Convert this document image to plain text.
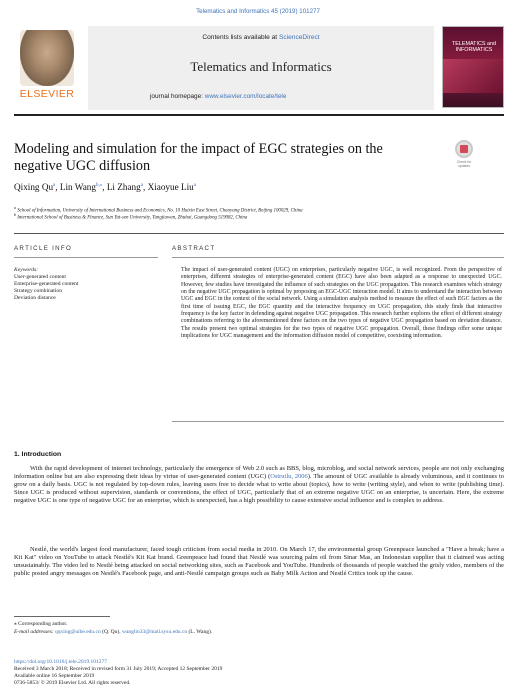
Telematics and Informatics 45 (2019) 101277
ELSEVIER
Contents lists available at ScienceDirect
Telematics and Informatics
journal homepage: www.elsevier.com/locate/tele
TELEMATICS and INFORMATICS
Modeling and simulation for the impact of EGC strategies on the negative UGC diffusion	Check for updates
Qixing Qu$^a$, Lin Wang$^{b,⁎}$, Li Zhang$^a$, Xiaoyue Liu$^a$
$^a$ School of Information, University of International Business and Economics, No. 10 Huixin East Street, Chaoyang District, Beijing 100029, China
$^b$ International School of Business & Finance, Sun Yat-sen University, Tangjiawan, Zhuhai, Guangdong 519082, China
ARTICLE INFO	ABSTRACT
Keywords:
User-generated content
Enterprise-generated content
Strategy combination
Deviation distance
The impact of user-generated content (UGC) on enterprises, particularly negative UGC, is well recognized. From the perspective of enterprises, different strategies of enterprise-generated content (EGC) have also been adapted as a response to unexpected UGC. However, few studies have investigated the influence of such strategies on the UGC propagation. This research examines which strategy on the negative UGC propagation is optimal by proposing an EGC-UGC interaction model. It aims to understand the interaction between UGC and EGC in the context of the social network. Using a simulation analysis method to measure the effect of such EGC factors as the first time of issuing EGC, the EGC quantity and the interactive frequency on UGC propagation, this study finds that interactive frequency is the key factor in defending against negative UGC propagation. This research further explores the effect of different strategy combinations referring to the aforementioned three factors on the two types of negative UGC propagation based on deviation distance. The results present two optimal strategies for the two types of negative UGC propagation. Overall, these findings offer some unique implications for UGC management and the information diffusion model of competitive, coexisting information.
1. Introduction

With the rapid development of internet technology, particularly the emergence of Web 2.0 such as BBS, blog, microblog, and social network services, people are not only exchanging information online but are also expressing their ideas by virtue of user-generated content (UGC) (Ostrutlu, 2006). The amount of UGC available is already voluminous, and it continues to grow on a daily basis. UGC is not regulated by top-down rules, leaving users free to decide what to write about (topics), how to write (writing style), and when to write (publishing time). Since UGC is produced without supervision, standards or conventions, the effect of UGC, particularly that of an extreme negative UGC on an enterprise, is uncertain. Here, the extreme negative UGC is one type of negative UGC for an enterprise, which is unexpected, has a high possibility to cause extensive social influence and is complex to address.

Nestlé, the world's largest food manufacturer, faced tough criticism from social media in 2010. On March 17, the environmental group Greenpeace launched a "Have a break; have a Kit Kat" video on YouTube to attack Nestlé's Kit Kat brand. Greenpeace had found that Nestlé was sourcing palm oil from Sinar Mas, an Indonesian supplier that it claimed was acting unsustainably. The video led to Nestlé being attacked on social networking sites, such as Facebook and YouTube. Hundreds of thousands of people watched the grisly video, members of the public posted angry messages on Nestlé's Facebook page, and anti-Nestlé campaign groups such as Baby Milk Action and Nestlé Critics took up the cause.

⁎ Corresponding author.
E-mail addresses: qqxing@uibe.edu.cn (Q. Qu), wanglin33@mail.sysu.edu.cn (L. Wang).
https://doi.org/10.1016/j.tele.2019.101277
Received 3 March 2018; Received in revised form 31 July 2019; Accepted 12 September 2019
Available online 16 September 2019
0736-5853/ © 2019 Elsevier Ltd. All rights reserved.
